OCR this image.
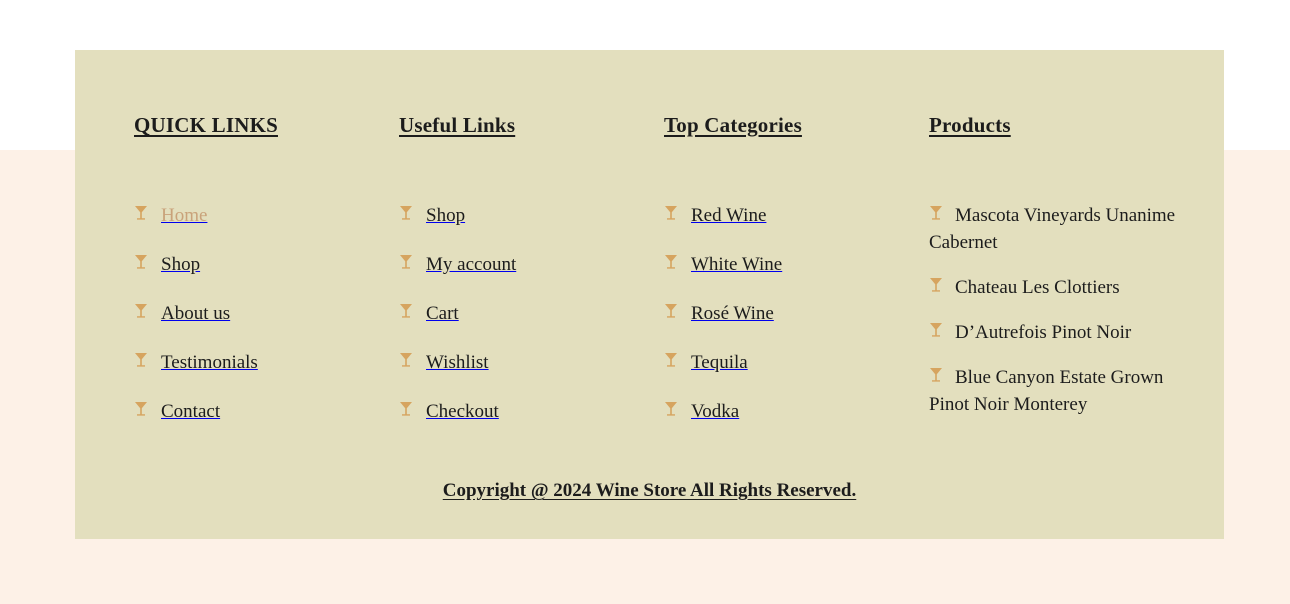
QUICK LINKS
Home
Shop
About us
Testimonials
Contact
Useful Links
Shop
My account
Cart
Wishlist
Checkout
Top Categories
Red Wine
White Wine
Rosé Wine
Tequila
Vodka
Products
Mascota Vineyards Unanime Cabernet
Chateau Les Clottiers
D’Autrefois Pinot Noir
Blue Canyon Estate Grown Pinot Noir Monterey
Copyright @ 2024 Wine Store All Rights Reserved.
